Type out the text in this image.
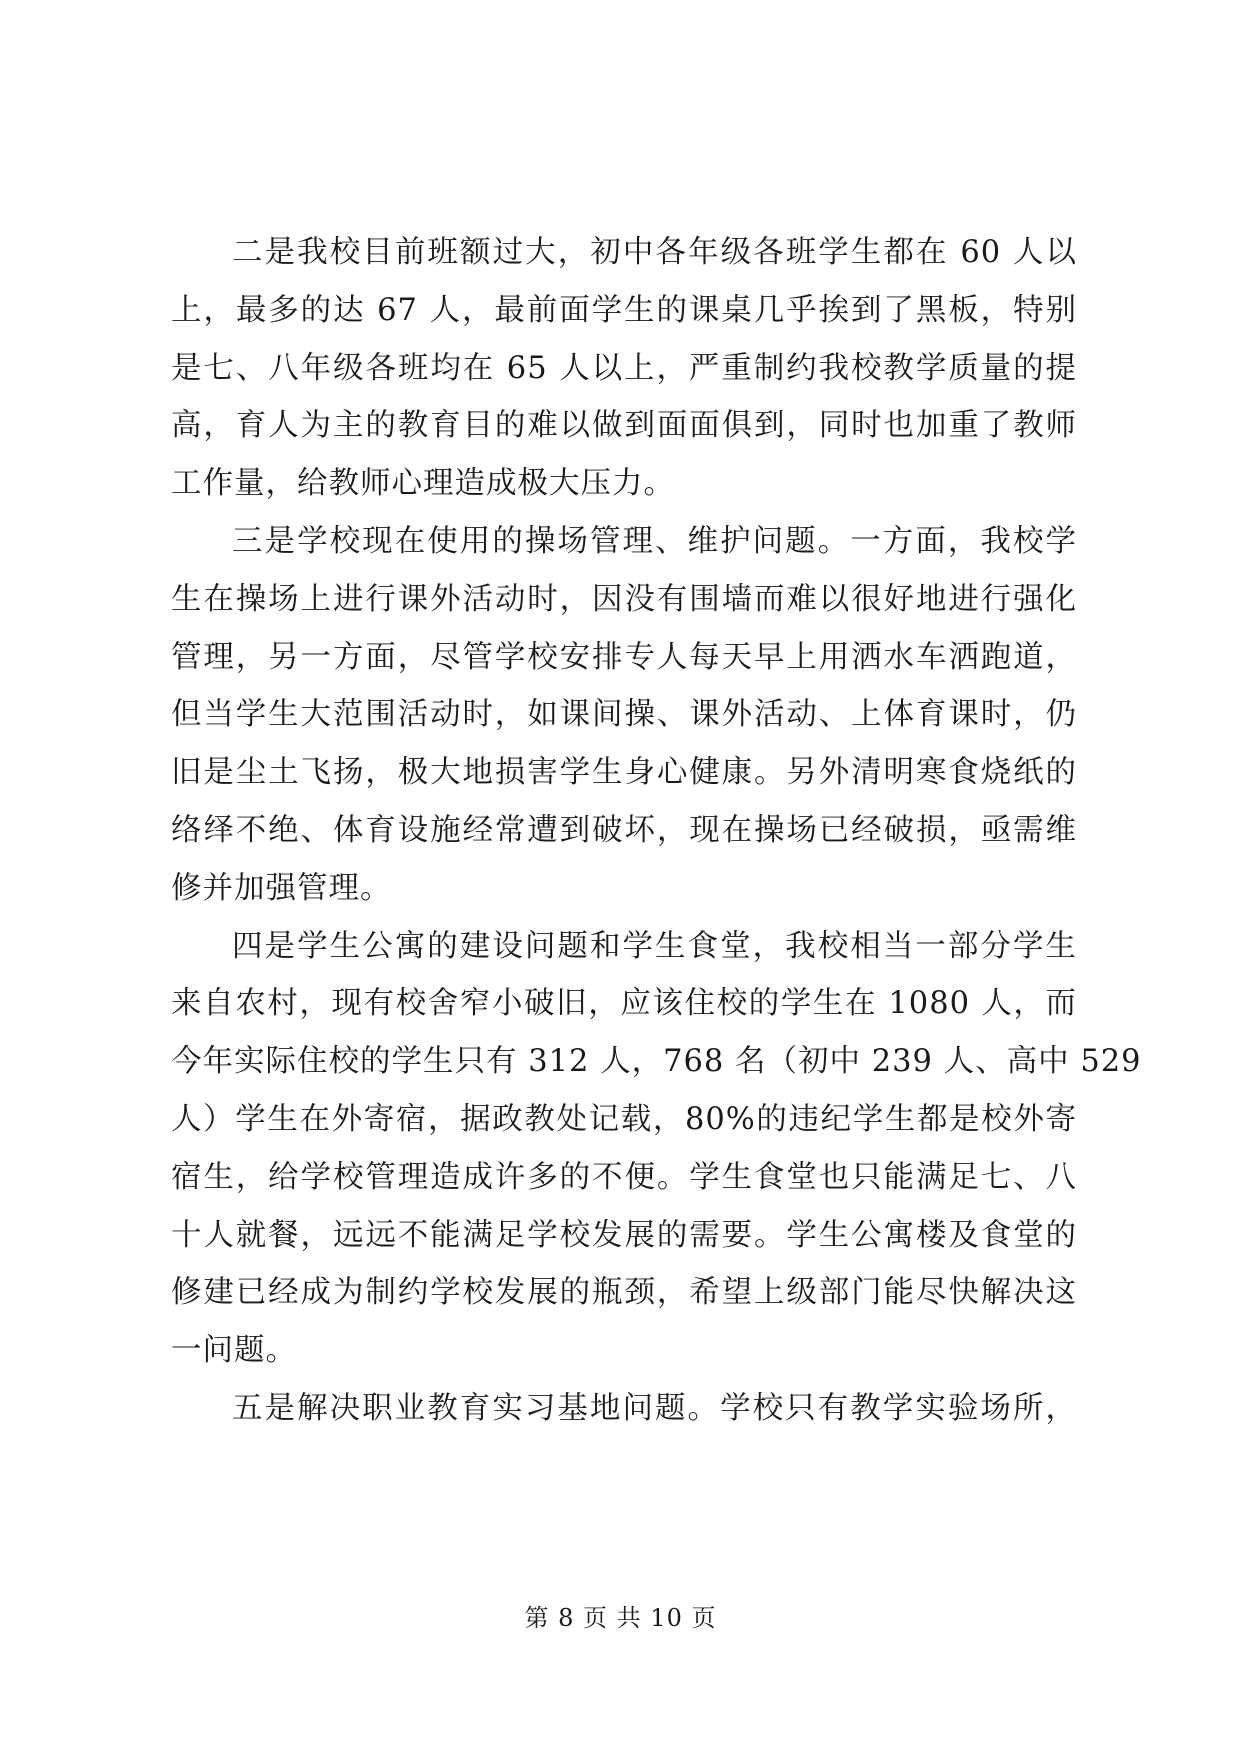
二是我校目前班额过大，初中各年级各班学生都在 60 人以
上，最多的达 67 人，最前面学生的课桌几乎挨到了黑板，特别
是七、八年级各班均在 65 人以上，严重制约我校教学质量的提
高，育人为主的教育目的难以做到面面俱到，同时也加重了教师
工作量，给教师心理造成极大压力。
三是学校现在使用的操场管理、维护问题。一方面，我校学
生在操场上进行课外活动时，因没有围墙而难以很好地进行强化
管理，另一方面，尽管学校安排专人每天早上用洒水车洒跑道，
但当学生大范围活动时，如课间操、课外活动、上体育课时，仍
旧是尘土飞扬，极大地损害学生身心健康。另外清明寒食烧纸的
络绎不绝、体育设施经常遭到破坏，现在操场已经破损，亟需维
修并加强管理。
四是学生公寓的建设问题和学生食堂，我校相当一部分学生
来自农村，现有校舍窄小破旧，应该住校的学生在 1080 人，而
今年实际住校的学生只有 312 人，768 名（初中 239 人、高中 529
人）学生在外寄宿，据政教处记载，80%的违纪学生都是校外寄
宿生，给学校管理造成许多的不便。学生食堂也只能满足七、八
十人就餐，远远不能满足学校发展的需要。学生公寓楼及食堂的
修建已经成为制约学校发展的瓶颈，希望上级部门能尽快解决这
一问题。
五是解决职业教育实习基地问题。学校只有教学实验场所，
第 8 页 共 10 页
